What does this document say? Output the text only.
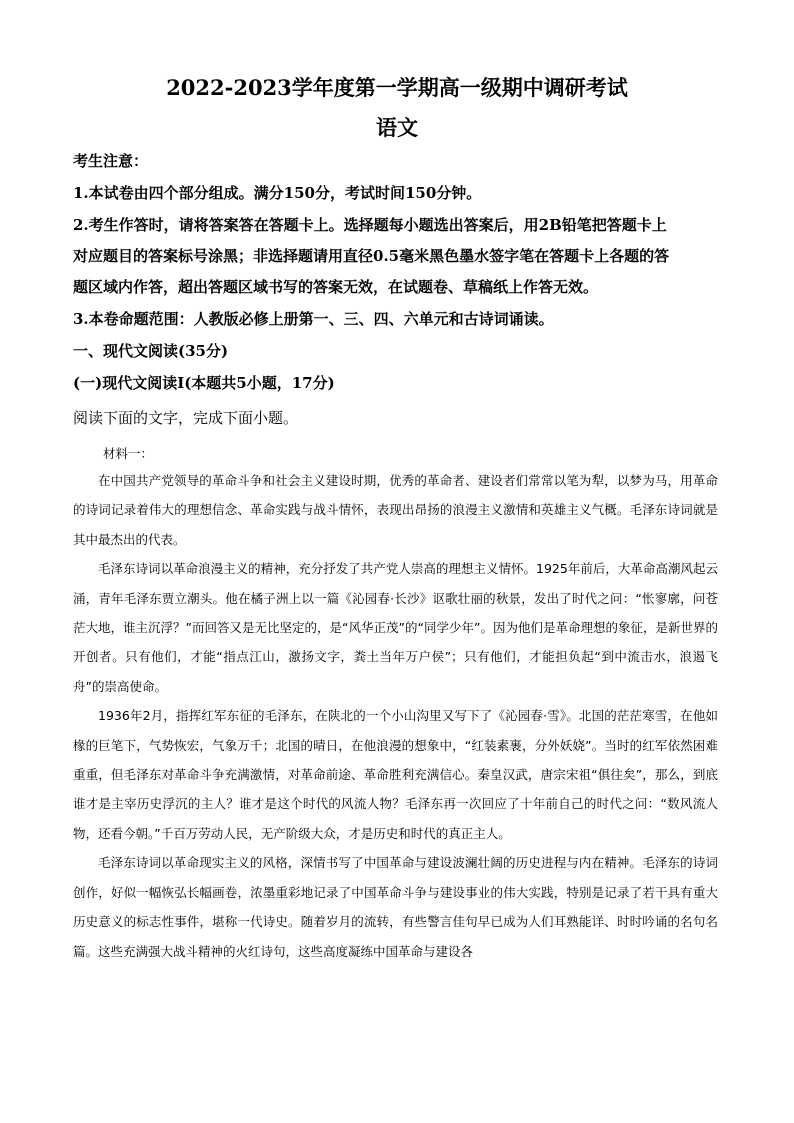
2022-2023学年度第一学期高一级期中调研考试
语文
考生注意：
1.本试卷由四个部分组成。满分150分，考试时间150分钟。
2.考生作答时，请将答案答在答题卡上。选择题每小题选出答案后，用2B铅笔把答题卡上
对应题目的答案标号涂黑；非选择题请用直径0.5毫米黑色墨水签字笔在答题卡上各题的答
题区域内作答，超出答题区域书写的答案无效，在试题卷、草稿纸上作答无效。
3.本卷命题范围：人教版必修上册第一、三、四、六单元和古诗词诵读。
一、现代文阅读(35分)
(一)现代文阅读Ⅰ(本题共5小题，17分)
阅读下面的文字，完成下面小题。
材料一：

在中国共产党领导的革命斗争和社会主义建设时期，优秀的革命者、建设者们常常以笔为犁，以梦为马，用革命的诗词记录着伟大的理想信念、革命实践与战斗情怀，表现出昂扬的浪漫主义激情和英雄主义气概。毛泽东诗词就是其中最杰出的代表。

毛泽东诗词以革命浪漫主义的精神，充分抒发了共产党人崇高的理想主义情怀。1925年前后，大革命高潮风起云涌，青年毛泽东贾立潮头。他在橘子洲上以一篇《沁园春·长沙》讴歌壮丽的秋景，发出了时代之问：“怅寥廓，问苍茫大地，谁主沉浮？”而回答又是无比坚定的，是“风华正茂”的“同学少年”。因为他们是革命理想的象征，是新世界的开创者。只有他们，才能“指点江山，激扬文字，粪土当年万户侯”；只有他们，才能担负起“到中流击水，浪遏飞舟”的崇高使命。

1936年2月，指挥红军东征的毛泽东，在陕北的一个小山沟里又写下了《沁园春·雪》。北国的茫茫寒雪，在他如椽的巨笔下，气势恢宏，气象万千；北国的晴日，在他浪漫的想象中，“红装素裹，分外妖娆”。当时的红军依然困难重重，但毛泽东对革命斗争充满激情，对革命前途、革命胜利充满信心。秦皇汉武，唐宗宋祖“俱往矣”，那么，到底谁才是主宰历史浮沉的主人？谁才是这个时代的风流人物？毛泽东再一次回应了十年前自己的时代之问：“数风流人物，还看今朝。”千百万劳动人民，无产阶级大众，才是历史和时代的真正主人。

毛泽东诗词以革命现实主义的风格，深情书写了中国革命与建设波澜壮阔的历史进程与内在精神。毛泽东的诗词创作，好似一幅恢弘长幅画卷，浓墨重彩地记录了中国革命斗争与建设事业的伟大实践，特别是记录了若干具有重大历史意义的标志性事件，堪称一代诗史。随着岁月的流转，有些警言佳句早已成为人们耳熟能详、时时吟诵的名句名篇。这些充满强大战斗精神的火红诗句，这些高度凝练中国革命与建设各
